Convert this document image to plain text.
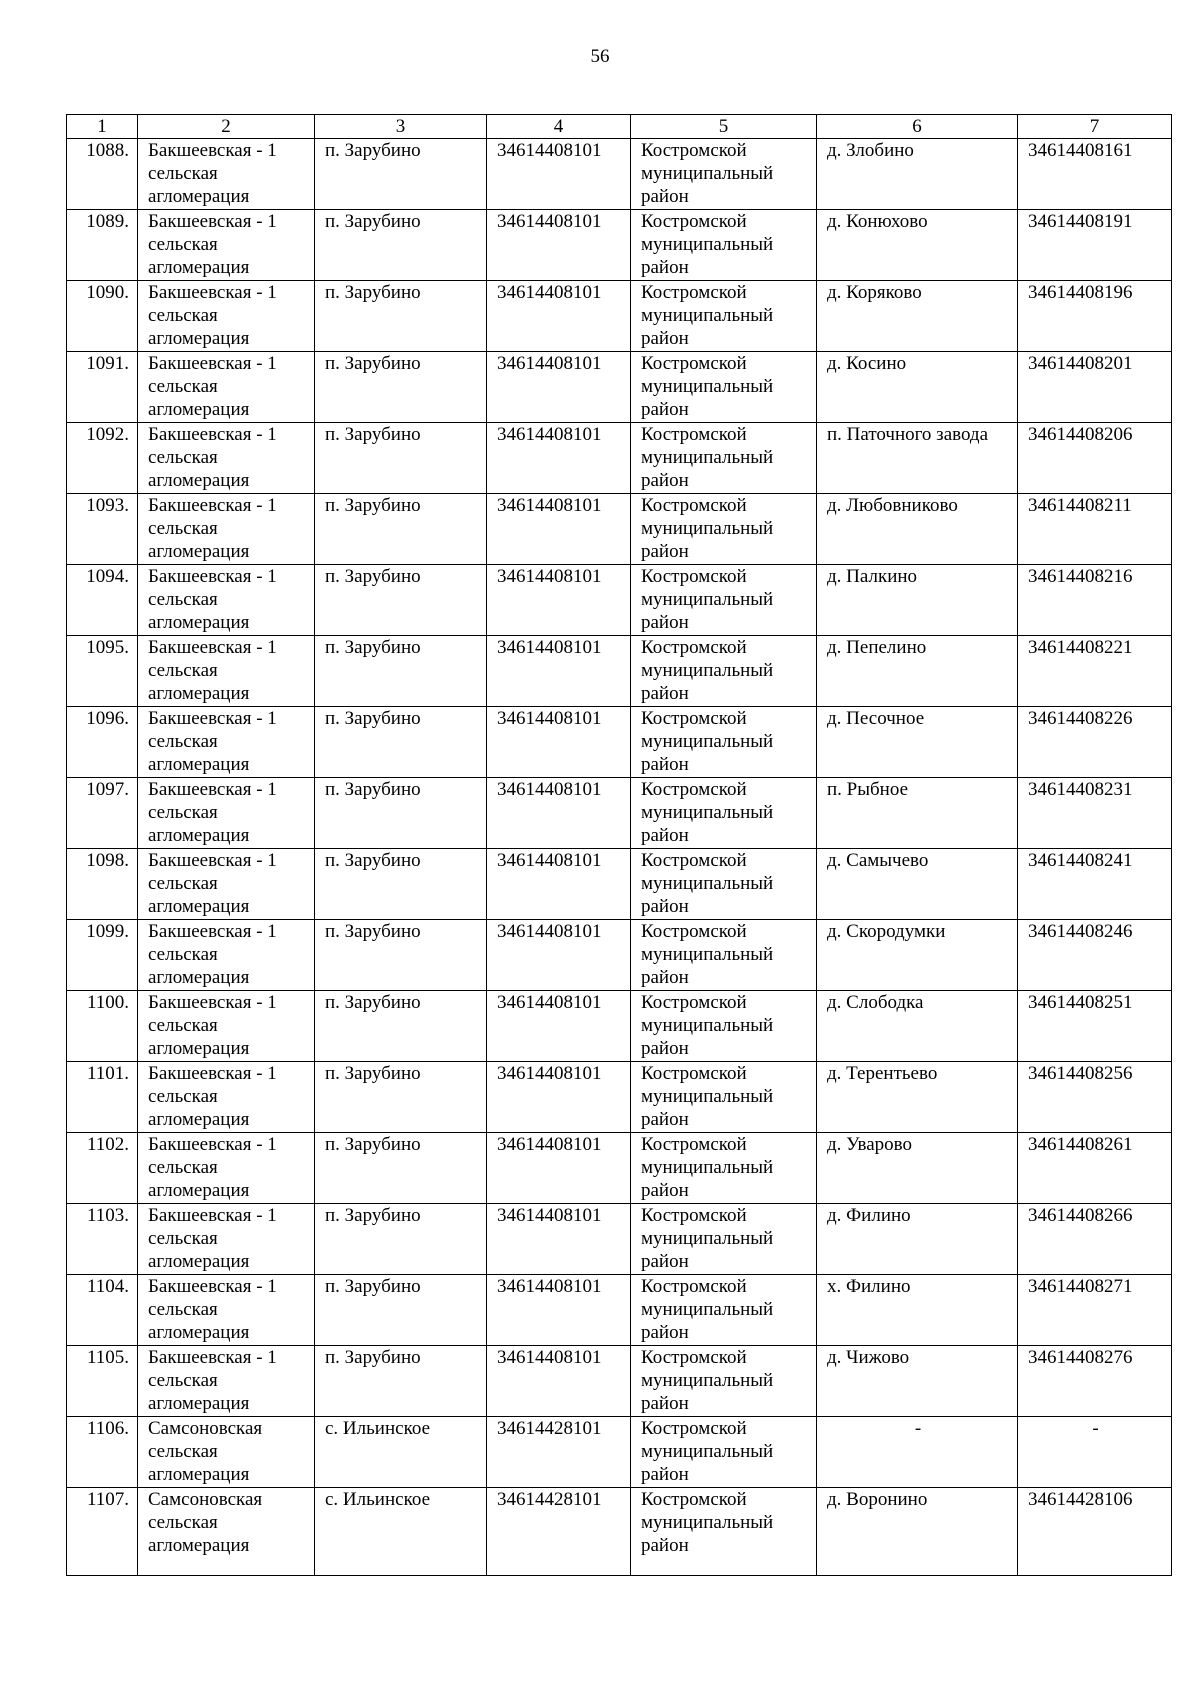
56
1	2	3	4	5	6	7
1088.	Бакшеевская - 1 сельская агломерация	п. Зарубино	34614408101	Костромской муниципальный район	д. Злобино	34614408161
1089.	Бакшеевская - 1 сельская агломерация	п. Зарубино	34614408101	Костромской муниципальный район	д. Конюхово	34614408191
1090.	Бакшеевская - 1 сельская агломерация	п. Зарубино	34614408101	Костромской муниципальный район	д. Коряково	34614408196
1091.	Бакшеевская - 1 сельская агломерация	п. Зарубино	34614408101	Костромской муниципальный район	д. Косино	34614408201
1092.	Бакшеевская - 1 сельская агломерация	п. Зарубино	34614408101	Костромской муниципальный район	п. Паточного завода	34614408206
1093.	Бакшеевская - 1 сельская агломерация	п. Зарубино	34614408101	Костромской муниципальный район	д. Любовниково	34614408211
1094.	Бакшеевская - 1 сельская агломерация	п. Зарубино	34614408101	Костромской муниципальный район	д. Палкино	34614408216
1095.	Бакшеевская - 1 сельская агломерация	п. Зарубино	34614408101	Костромской муниципальный район	д. Пепелино	34614408221
1096.	Бакшеевская - 1 сельская агломерация	п. Зарубино	34614408101	Костромской муниципальный район	д. Песочное	34614408226
1097.	Бакшеевская - 1 сельская агломерация	п. Зарубино	34614408101	Костромской муниципальный район	п. Рыбное	34614408231
1098.	Бакшеевская - 1 сельская агломерация	п. Зарубино	34614408101	Костромской муниципальный район	д. Самычево	34614408241
1099.	Бакшеевская - 1 сельская агломерация	п. Зарубино	34614408101	Костромской муниципальный район	д. Скородумки	34614408246
1100.	Бакшеевская - 1 сельская агломерация	п. Зарубино	34614408101	Костромской муниципальный район	д. Слободка	34614408251
1101.	Бакшеевская - 1 сельская агломерация	п. Зарубино	34614408101	Костромской муниципальный район	д. Терентьево	34614408256
1102.	Бакшеевская - 1 сельская агломерация	п. Зарубино	34614408101	Костромской муниципальный район	д. Уварово	34614408261
1103.	Бакшеевская - 1 сельская агломерация	п. Зарубино	34614408101	Костромской муниципальный район	д. Филино	34614408266
1104.	Бакшеевская - 1 сельская агломерация	п. Зарубино	34614408101	Костромской муниципальный район	х. Филино	34614408271
1105.	Бакшеевская - 1 сельская агломерация	п. Зарубино	34614408101	Костромской муниципальный район	д. Чижово	34614408276
1106.	Самсоновская сельская агломерация	с. Ильинское	34614428101	Костромской муниципальный район	-	-
1107.	Самсоновская сельская агломерация	с. Ильинское	34614428101	Костромской муниципальный район	д. Воронино	34614428106
